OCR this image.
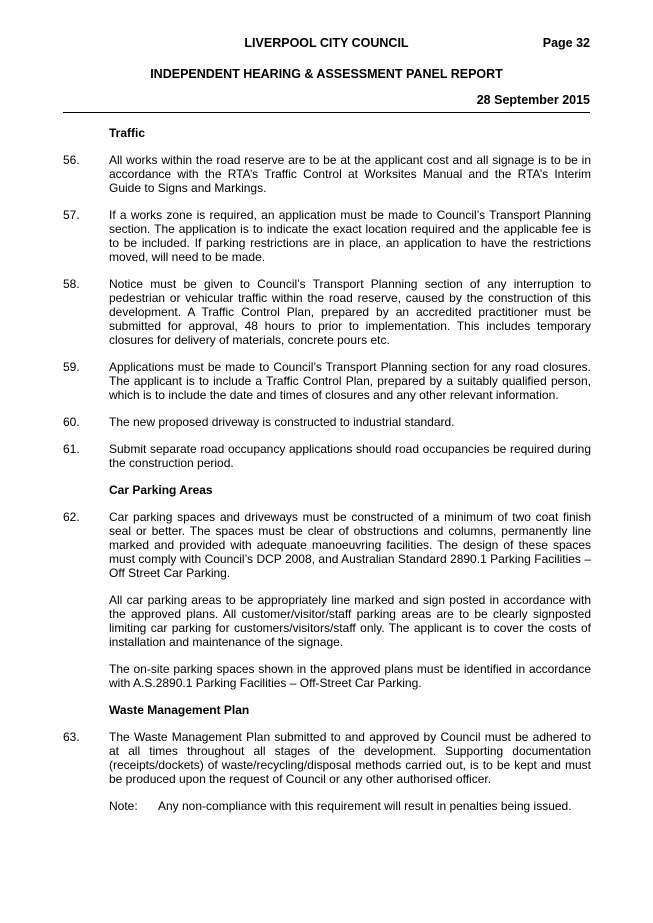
LIVERPOOL CITY COUNCIL	Page 32
INDEPENDENT HEARING & ASSESSMENT PANEL REPORT
28 September 2015
Traffic
56.	All works within the road reserve are to be at the applicant cost and all signage is to be in accordance with the RTA’s Traffic Control at Worksites Manual and the RTA’s Interim Guide to Signs and Markings.
57.	If a works zone is required, an application must be made to Council’s Transport Planning section. The application is to indicate the exact location required and the applicable fee is to be included. If parking restrictions are in place, an application to have the restrictions moved, will need to be made.
58.	Notice must be given to Council’s Transport Planning section of any interruption to pedestrian or vehicular traffic within the road reserve, caused by the construction of this development. A Traffic Control Plan, prepared by an accredited practitioner must be submitted for approval, 48 hours to prior to implementation. This includes temporary closures for delivery of materials, concrete pours etc.
59.	Applications must be made to Council’s Transport Planning section for any road closures. The applicant is to include a Traffic Control Plan, prepared by a suitably qualified person, which is to include the date and times of closures and any other relevant information.
60.	The new proposed driveway is constructed to industrial standard.
61.	Submit separate road occupancy applications should road occupancies be required during the construction period.
Car Parking Areas
62.	Car parking spaces and driveways must be constructed of a minimum of two coat finish seal or better. The spaces must be clear of obstructions and columns, permanently line marked and provided with adequate manoeuvring facilities. The design of these spaces must comply with Council’s DCP 2008, and Australian Standard 2890.1 Parking Facilities – Off Street Car Parking.
All car parking areas to be appropriately line marked and sign posted in accordance with the approved plans. All customer/visitor/staff parking areas are to be clearly signposted limiting car parking for customers/visitors/staff only. The applicant is to cover the costs of installation and maintenance of the signage.
The on-site parking spaces shown in the approved plans must be identified in accordance with A.S.2890.1 Parking Facilities – Off-Street Car Parking.
Waste Management Plan
63.	The Waste Management Plan submitted to and approved by Council must be adhered to at all times throughout all stages of the development. Supporting documentation (receipts/dockets) of waste/recycling/disposal methods carried out, is to be kept and must be produced upon the request of Council or any other authorised officer.
Note:	Any non-compliance with this requirement will result in penalties being issued.
